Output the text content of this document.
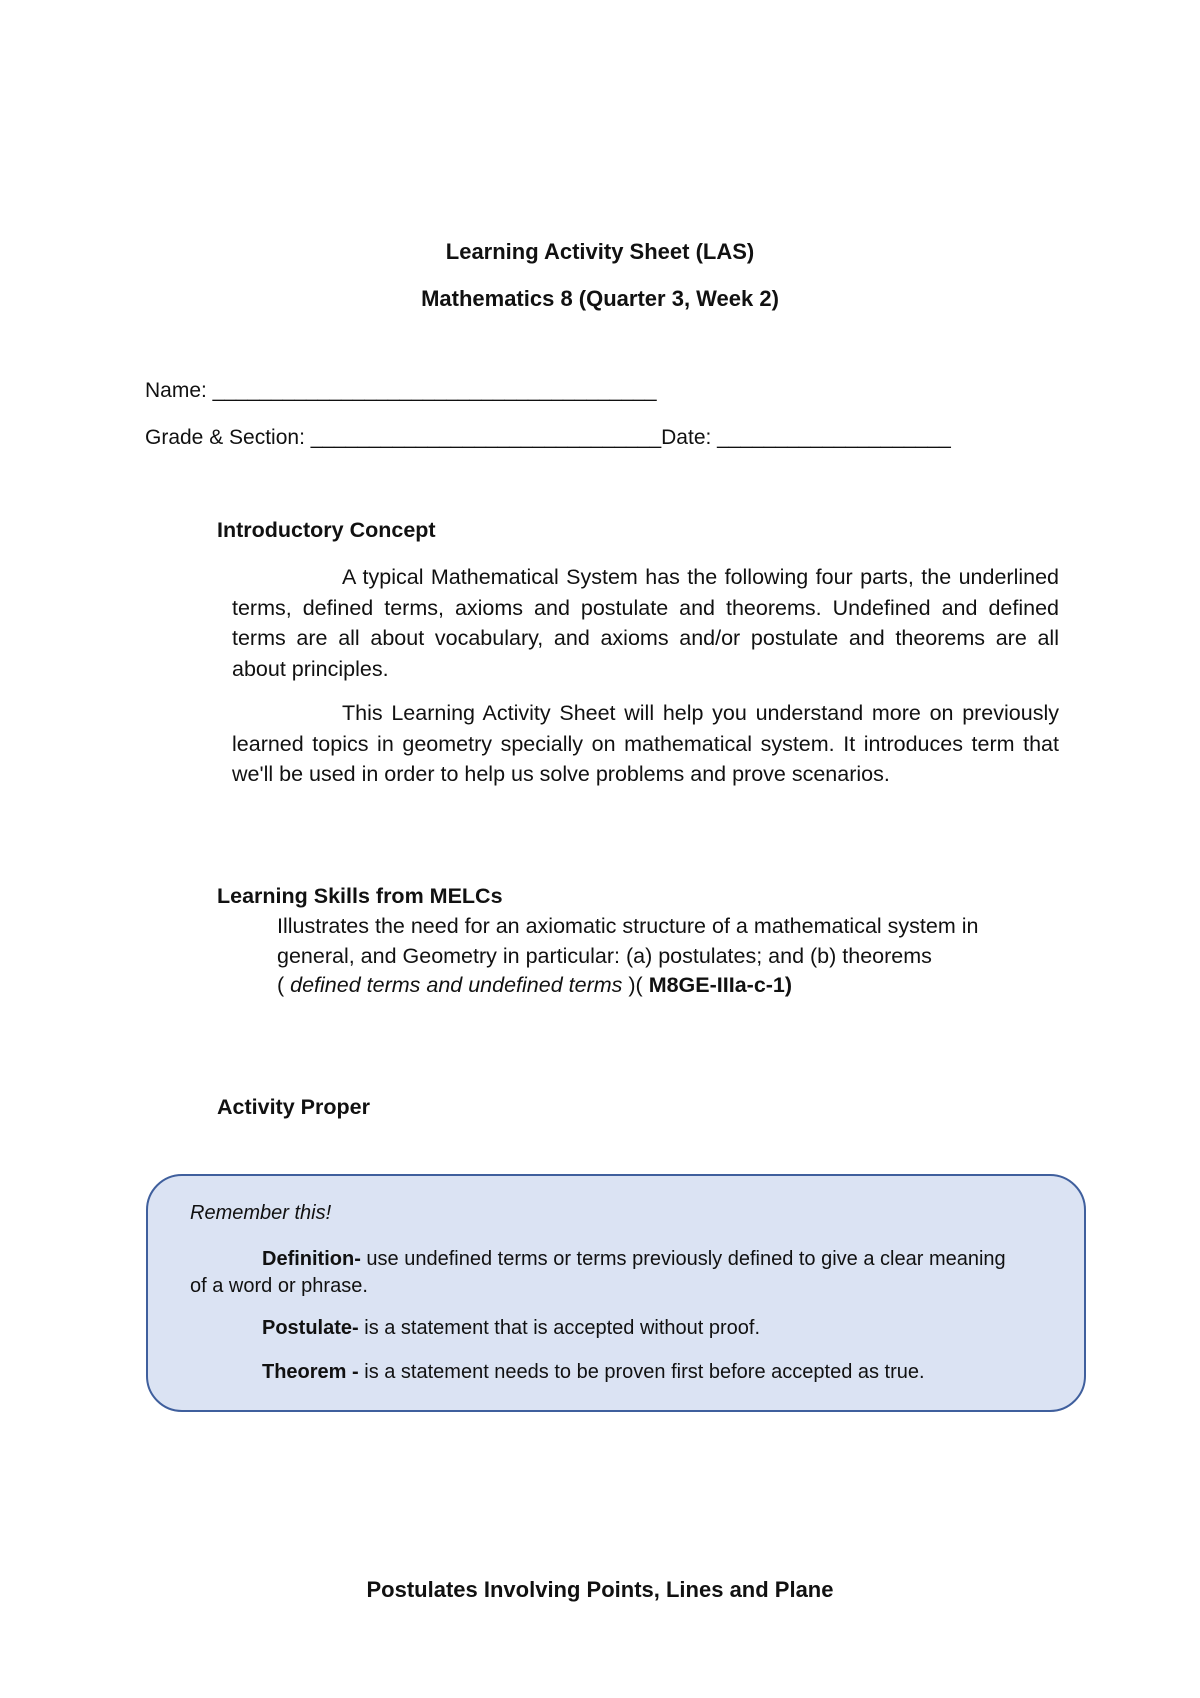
Learning Activity Sheet (LAS)
Mathematics 8 (Quarter 3, Week 2)
Name: ______________________________________
Grade & Section: ______________________________Date: ____________________
Introductory Concept

A typical Mathematical System has the following four parts, the underlined terms, defined terms, axioms and postulate and theorems. Undefined and defined terms are all about vocabulary, and axioms and/or postulate and theorems are all about principles.

This Learning Activity Sheet will help you understand more on previously learned topics in geometry specially on mathematical system. It introduces term that we'll be used in order to help us solve problems and prove scenarios.

Learning Skills from MELCs

Illustrates the need for an axiomatic structure of a mathematical system in general, and Geometry in particular: (a) postulates; and (b) theorems
( defined terms and undefined terms )( M8GE-IIIa-c-1)

Activity Proper
Remember this!

Definition- use undefined terms or terms previously defined to give a clear meaning of a word or phrase.

Postulate- is a statement that is accepted without proof.

Theorem - is a statement needs to be proven first before accepted as true.

Postulates Involving Points, Lines and Plane
